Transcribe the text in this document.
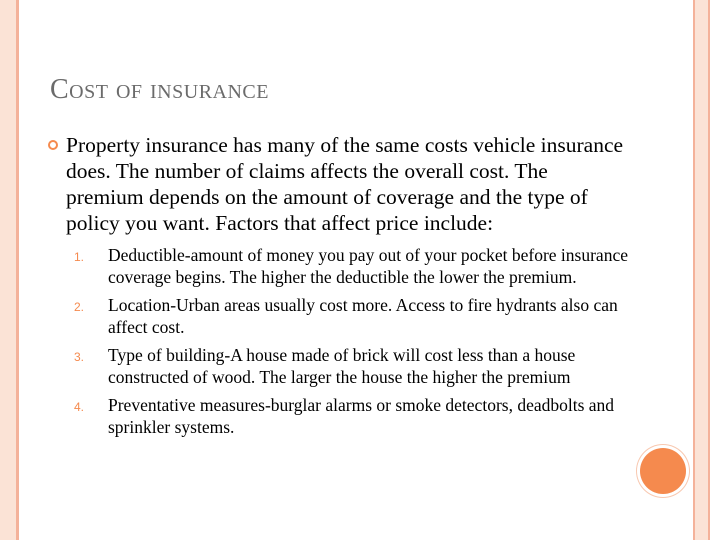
Cost of insurance

Property insurance has many of the same costs vehicle insurance does. The number of claims affects the overall cost. The premium depends on the amount of coverage and the type of policy you want. Factors that affect price include:

1. Deductible-amount of money you pay out of your pocket before insurance coverage begins. The higher the deductible the lower the premium.
2. Location-Urban areas usually cost more. Access to fire hydrants also can affect cost.
3. Type of building-A house made of brick will cost less than a house constructed of wood. The larger the house the higher the premium
4. Preventative measures-burglar alarms or smoke detectors, deadbolts and sprinkler systems.
